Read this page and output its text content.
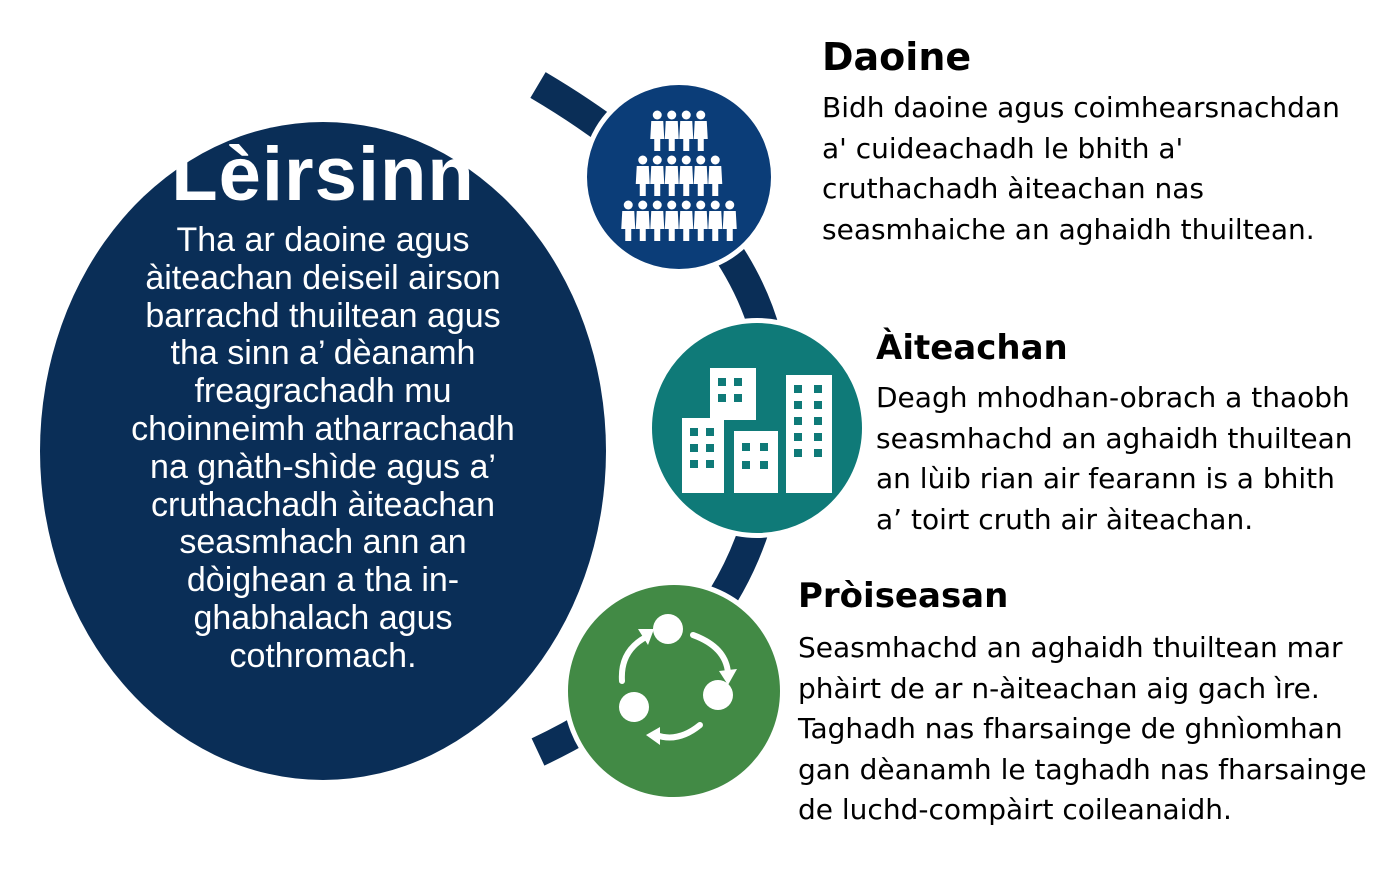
Lèirsinn
Tha ar daoine agus àiteachan deiseil airson barrachd thuiltean agus tha sinn a’ dèanamh freagrachadh mu choinneimh atharrachadh na gnàth-shìde agus a’ cruthachadh àiteachan seasmhach ann an dòighean a tha in-ghabhalach agus cothromach.
Daoine
Bidh daoine agus coimhearsnachdan a' cuideachadh le bhith a' cruthachadh àiteachan nas seasmhaiche an aghaidh thuiltean.
Àiteachan
Deagh mhodhan-obrach a thaobh seasmhachd an aghaidh thuiltean an lùib rian air fearann is a bhith a’ toirt cruth air àiteachan.
Pròiseasan
Seasmhachd an aghaidh thuiltean mar phàirt de ar n-àiteachan aig gach ìre. Taghadh nas fharsainge de ghnìomhan gan dèanamh le taghadh nas fharsainge de luchd-compàirt coileanaidh.
